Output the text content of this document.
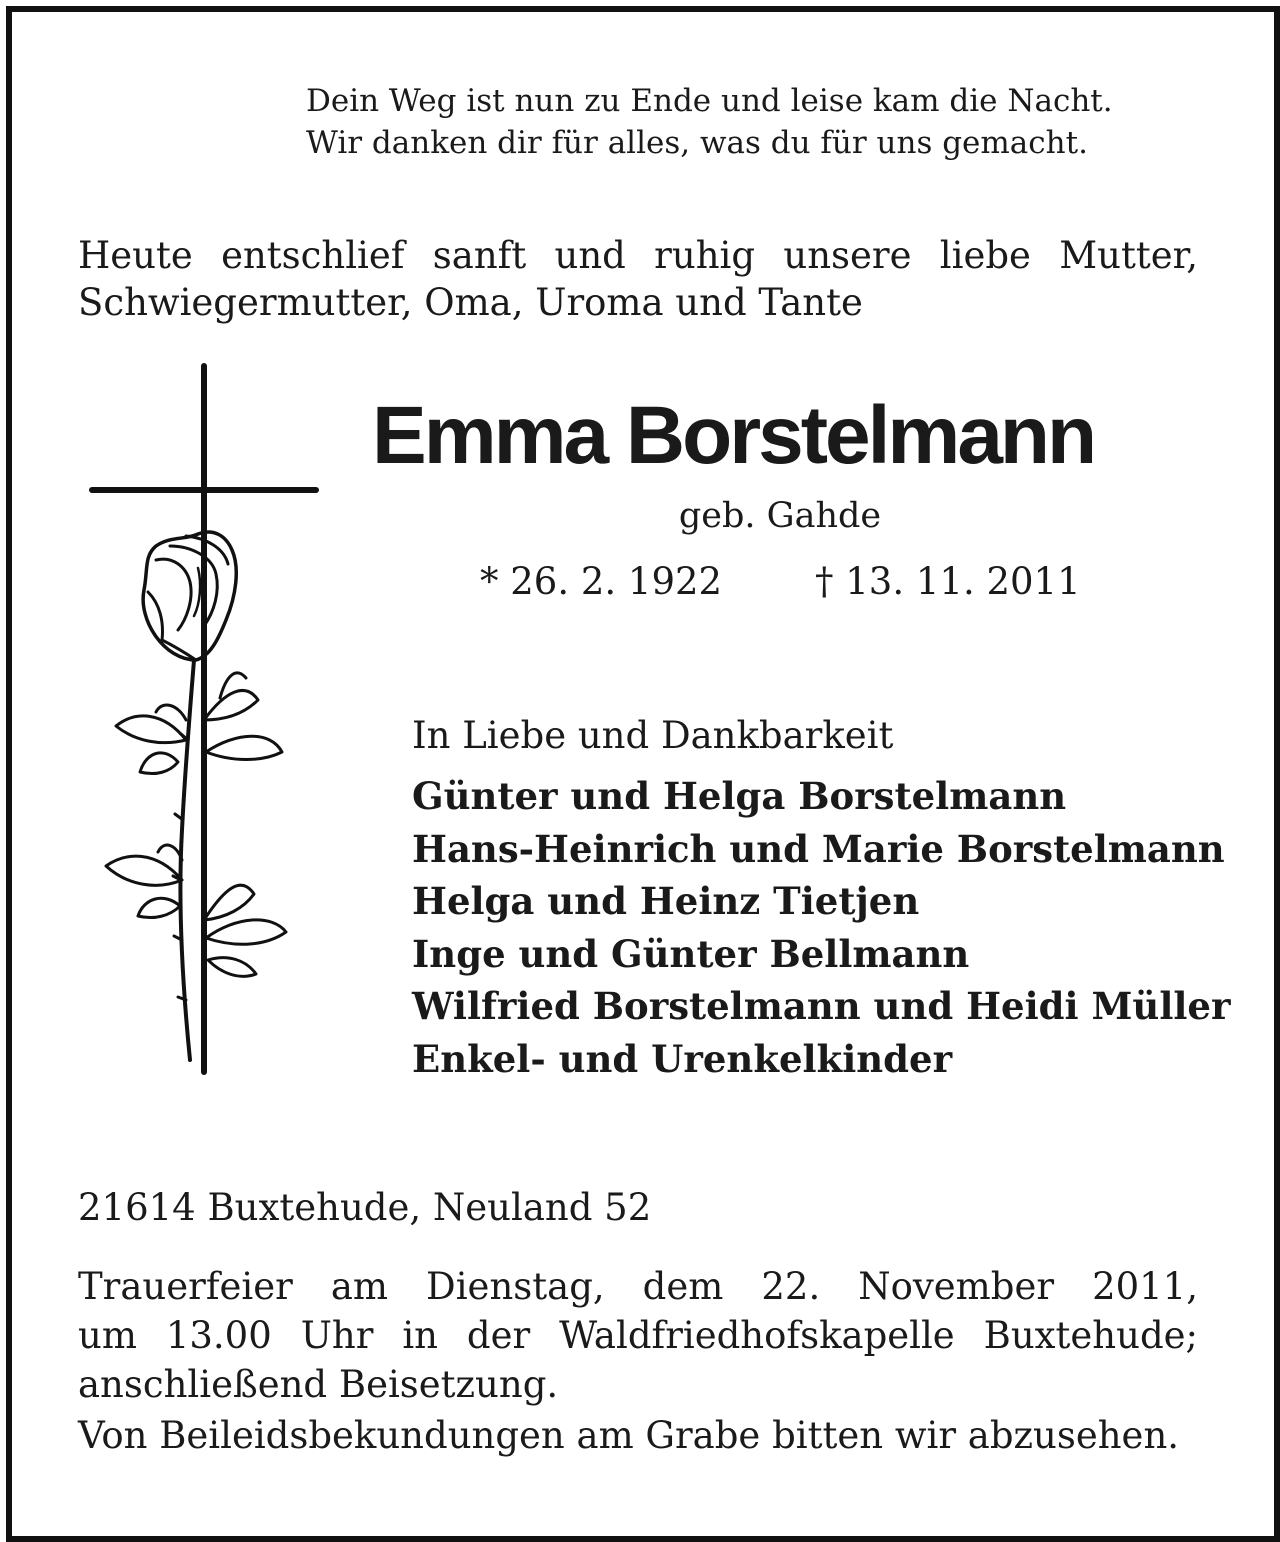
Dein Weg ist nun zu Ende und leise kam die Nacht.
Wir danken dir für alles, was du für uns gemacht.
Heute entschlief sanft und ruhig unsere liebe Mutter,
Schwiegermutter, Oma, Uroma und Tante
Emma Borstelmann
geb. Gahde
* 26. 2. 1922	† 13. 11. 2011
In Liebe und Dankbarkeit
Günter und Helga Borstelmann
Hans-Heinrich und Marie Borstelmann
Helga und Heinz Tietjen
Inge und Günter Bellmann
Wilfried Borstelmann und Heidi Müller
Enkel- und Urenkelkinder
21614 Buxtehude, Neuland 52
Trauerfeier am Dienstag, dem 22. November 2011,
um 13.00 Uhr in der Waldfriedhofskapelle Buxtehude;
anschließend Beisetzung.
Von Beileidsbekundungen am Grabe bitten wir abzusehen.
